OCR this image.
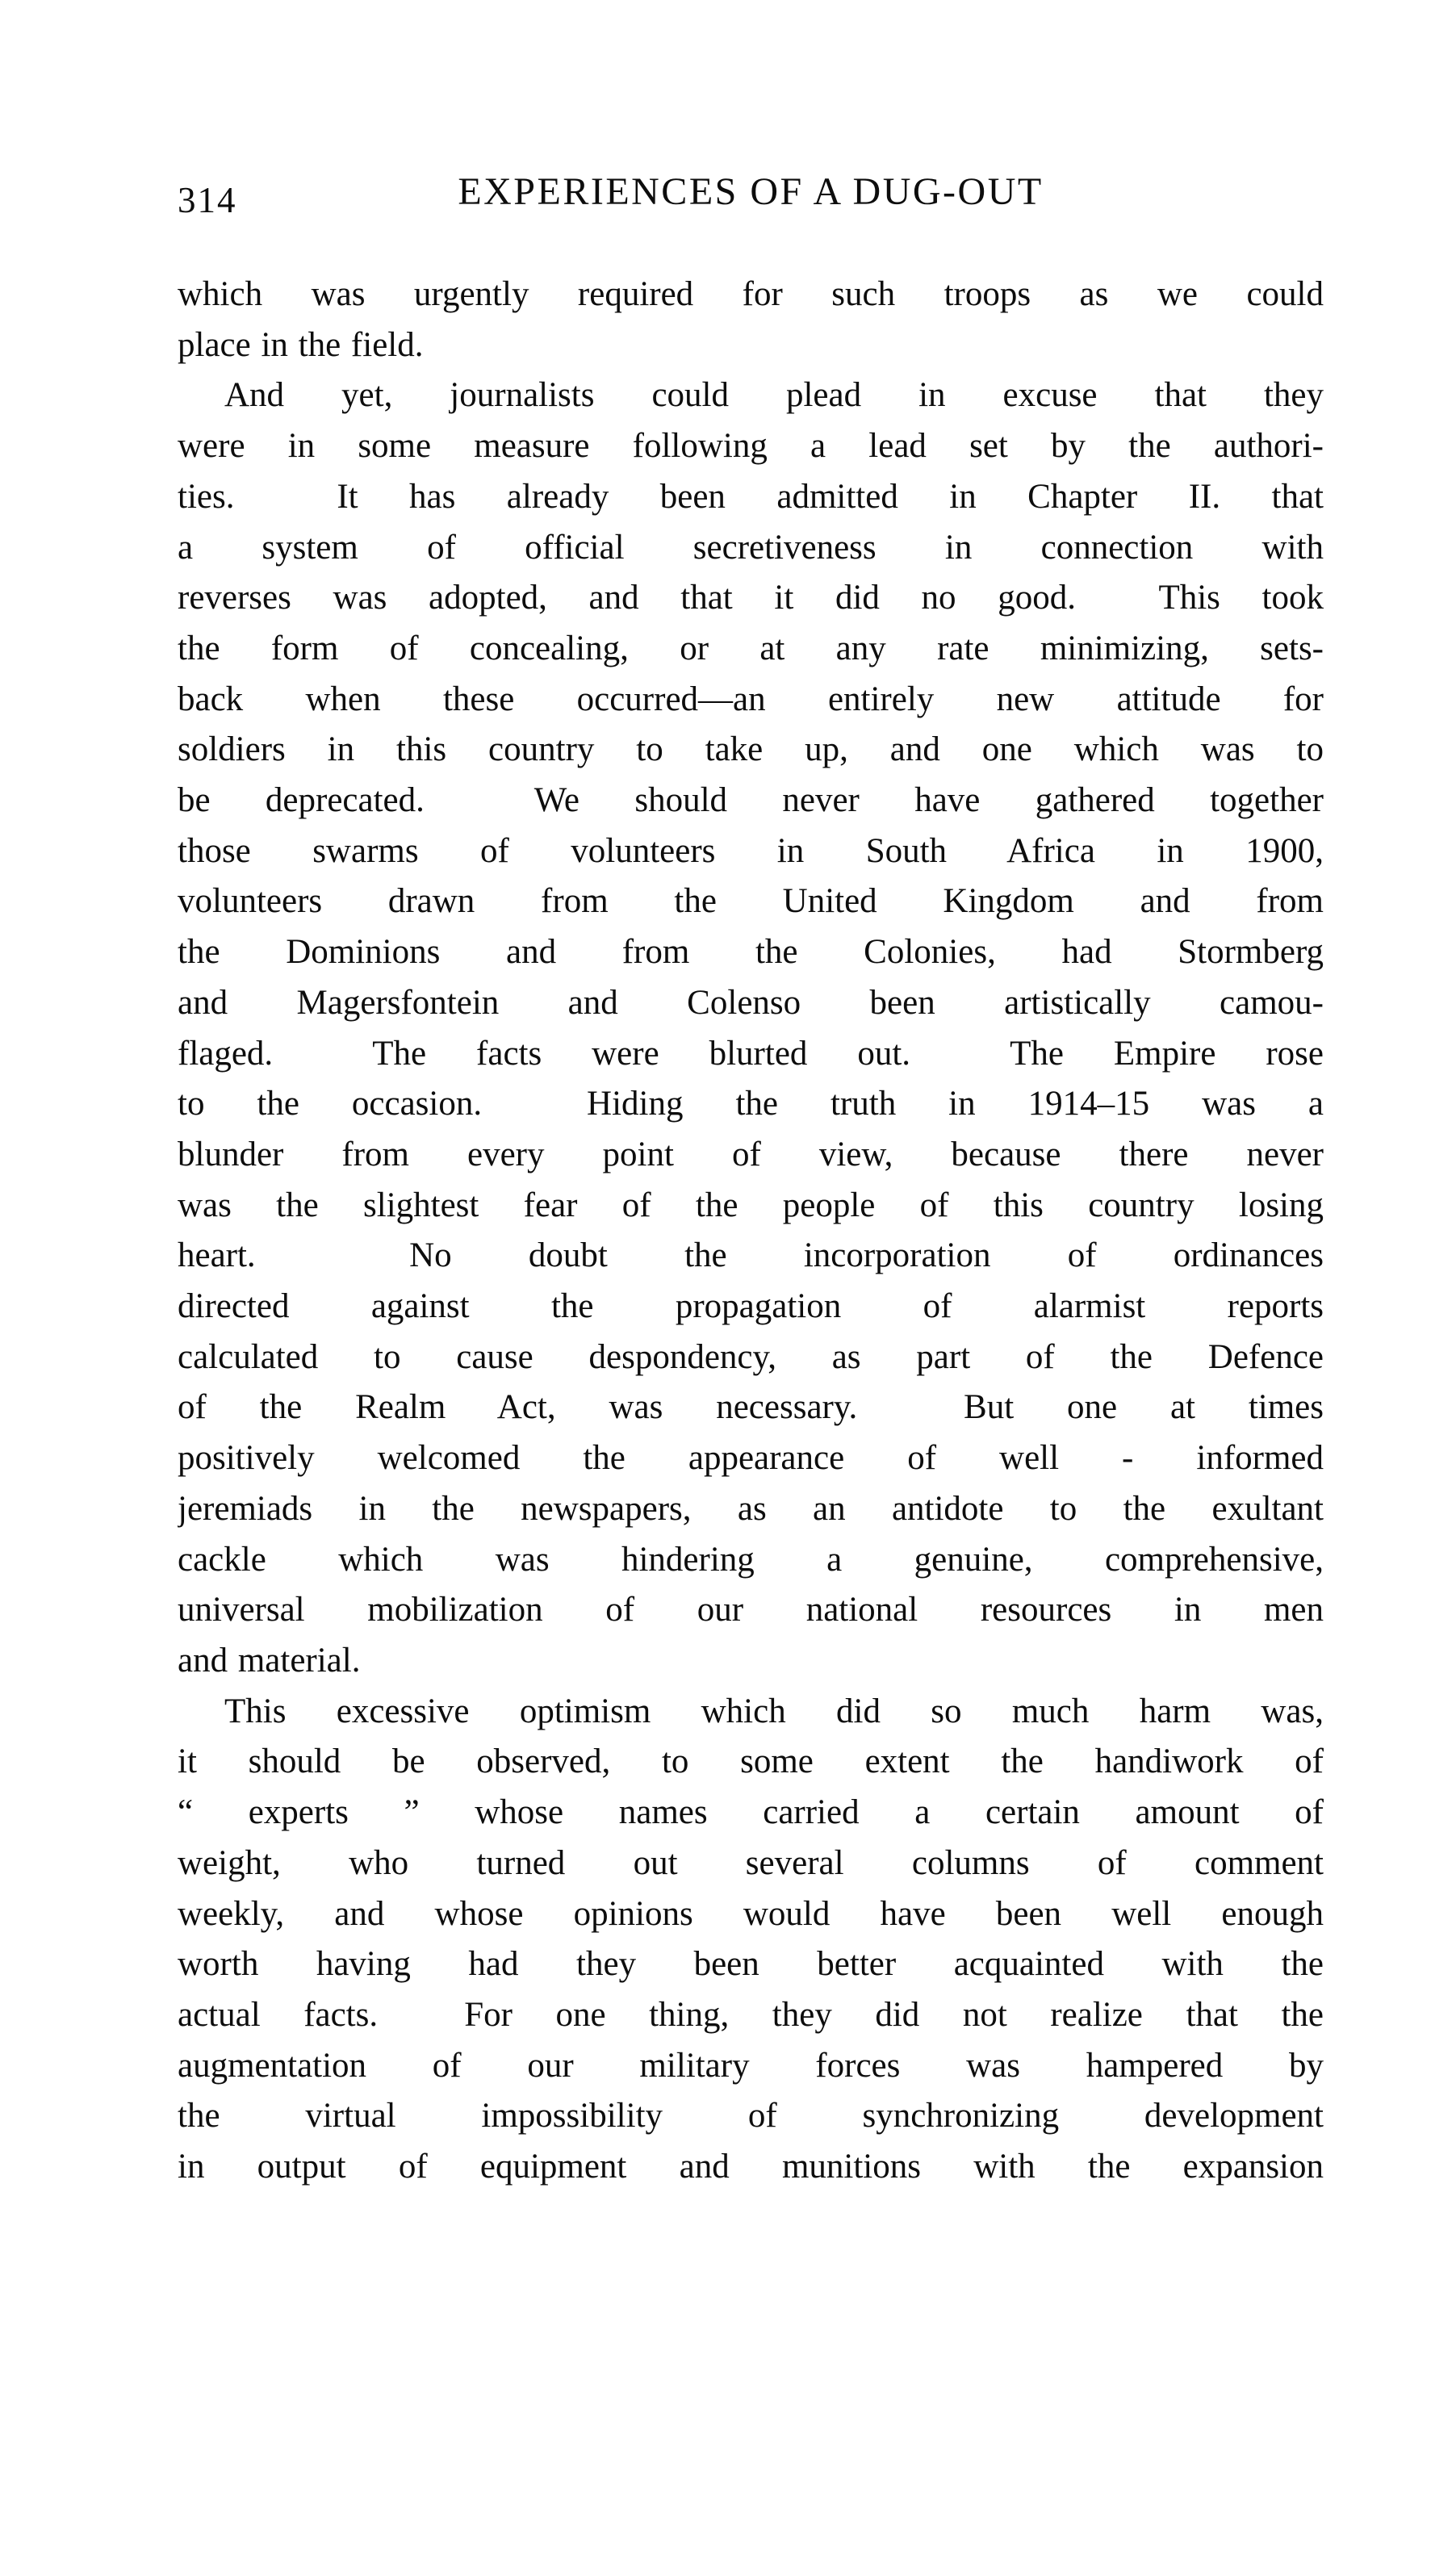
314	EXPERIENCES OF A DUG-OUT
which was urgently required for such troops as we could
place in the field.
And yet, journalists could plead in excuse that they
were in some measure following a lead set by the authori-
ties.  It has already been admitted in Chapter II. that
a system of official secretiveness in connection with
reverses was adopted, and that it did no good.  This took
the form of concealing, or at any rate minimizing, sets-
back when these occurred—an entirely new attitude for
soldiers in this country to take up, and one which was to
be deprecated.  We should never have gathered together
those swarms of volunteers in South Africa in 1900,
volunteers drawn from the United Kingdom and from
the Dominions and from the Colonies, had Stormberg
and Magersfontein and Colenso been artistically camou-
flaged.  The facts were blurted out.  The Empire rose
to the occasion.  Hiding the truth in 1914–15 was a
blunder from every point of view, because there never
was the slightest fear of the people of this country losing
heart.  No doubt the incorporation of ordinances
directed against the propagation of alarmist reports
calculated to cause despondency, as part of the Defence
of the Realm Act, was necessary.  But one at times
positively welcomed the appearance of well - informed
jeremiads in the newspapers, as an antidote to the exultant
cackle which was hindering a genuine, comprehensive,
universal mobilization of our national resources in men
and material.
This excessive optimism which did so much harm was,
it should be observed, to some extent the handiwork of
“ experts ” whose names carried a certain amount of
weight, who turned out several columns of comment
weekly, and whose opinions would have been well enough
worth having had they been better acquainted with the
actual facts.  For one thing, they did not realize that the
augmentation of our military forces was hampered by
the virtual impossibility of synchronizing development
in output of equipment and munitions with the expansion
